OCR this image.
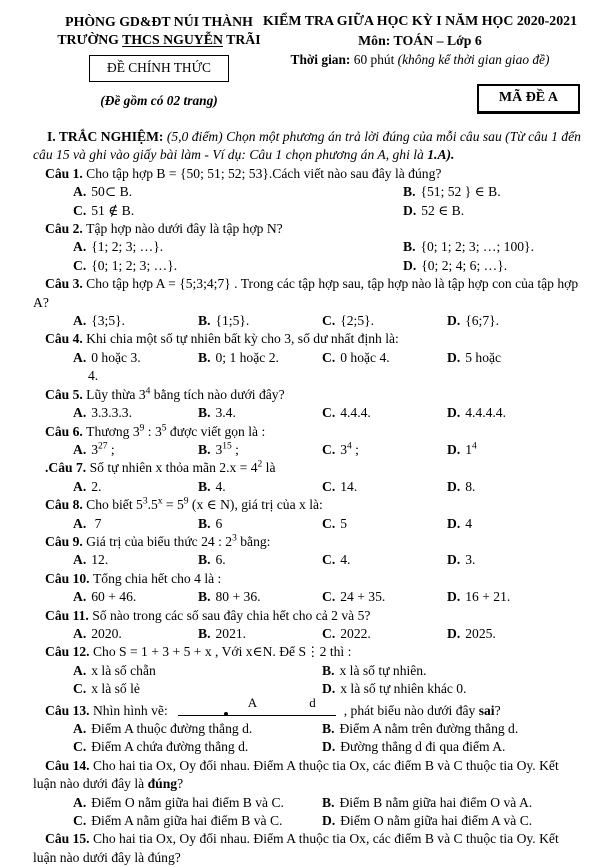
PHÒNG GD&ĐT NÚI THÀNH
TRƯỜNG THCS NGUYỄN TRÃI
ĐỀ CHÍNH THỨC
(Đề gồm có 02 trang)
KIỂM TRA GIỮA HỌC KỲ I NĂM HỌC 2020-2021
Môn: TOÁN – Lớp 6
Thời gian: 60 phút (không kể thời gian giao đề)
MÃ ĐỀ A

I. TRẮC NGHIỆM: (5,0 điểm) Chọn một phương án trả lời đúng của mỗi câu sau (Từ câu 1 đến câu 15 và ghi vào giấy bài làm - Ví dụ: Câu 1 chọn phương án A, ghi là 1.A).

Câu 1. Cho tập hợp B = {50; 51; 52; 53}.Cách viết nào sau đây là đúng?

A. 50⊂ B.	B. {51; 52 } ∈ B.
C. 51 ∉ B.	D. 52 ∈ B.

Câu 2. Tập hợp nào dưới đây là tập hợp N?

A. {1; 2; 3; …}.	B. {0; 1; 2; 3; …; 100}.
C. {0; 1; 2; 3; …}.	D. {0; 2; 4; 6; …}.

Câu 3. Cho tập hợp A = {5;3;4;7} . Trong các tập hợp sau, tập hợp nào là tập hợp con của tập hợp A?

A. {3;5}.	B. {1;5}.	C. {2;5}.	D. {6;7}.

Câu 4. Khi chia một số tự nhiên bất kỳ cho 3, số dư nhất định là:

A. 0 hoặc 3.	B. 0; 1 hoặc 2.	C. 0 hoặc 4.	D. 5 hoặc
4.

Câu 5. Lũy thừa $3^4$ bằng tích nào dưới đây?

A. 3.3.3.3.	B. 3.4.	C. 4.4.4.	D. 4.4.4.4.

Câu 6. Thương $3^9$ : $3^5$ được viết gọn là :

A. $3^{27}$ ;	B. $3^{15}$ ;	C. $3^4$ ;	D. $1^4$

.Câu 7. Số tự nhiên x thỏa mãn $2.x = 4^2$ là

A. 2.	B. 4.	C. 14.	D. 8.

Câu 8. Cho biết $5^3.5^x = 5^9$ (x ∈ N), giá trị của x là:

A. 7	B. 6	C. 5	D. 4

Câu 9. Giá trị của biểu thức 24 : $2^3$ bằng:

A. 12.	B. 6.	C. 4.	D. 3.

Câu 10. Tổng chia hết cho 4 là :

A. 60 + 46.	B. 80 + 36.	C. 24 + 35.	D. 16 + 21.

Câu 11. Số nào trong các số sau đây chia hết cho cả 2 và 5?

A. 2020.	B. 2021.	C. 2022.	D. 2025.

Câu 12. Cho S = 1 + 3 + 5 + x , Với x∈N. Để S⋮2 thì :

A. x là số chẵn	B. x là số tự nhiên.
C. x là số lẻ	D. x là số tự nhiên khác 0.

Câu 13. Nhìn hình vẽ:	A	d , phát biểu nào dưới đây sai?

A. Điểm A thuộc đường thẳng d.	B. Điểm A nằm trên đường thẳng d.
C. Điểm A chứa đường thẳng d.	D. Đường thẳng d đi qua điểm A.

Câu 14. Cho hai tia Ox, Oy đối nhau. Điểm A thuộc tia Ox, các điểm B và C thuộc tia Oy. Kết luận nào dưới đây là đúng?

A. Điểm O nằm giữa hai điểm B và C.	B. Điểm B nằm giữa hai điểm O và A.
C. Điểm A nằm giữa hai điểm B và C.	D. Điểm O nằm giữa hai điểm A và C.

Câu 15. Cho hai tia Ox, Oy đối nhau. Điểm A thuộc tia Ox, các điểm B và C thuộc tia Oy. Kết luận nào dưới đây là đúng?
